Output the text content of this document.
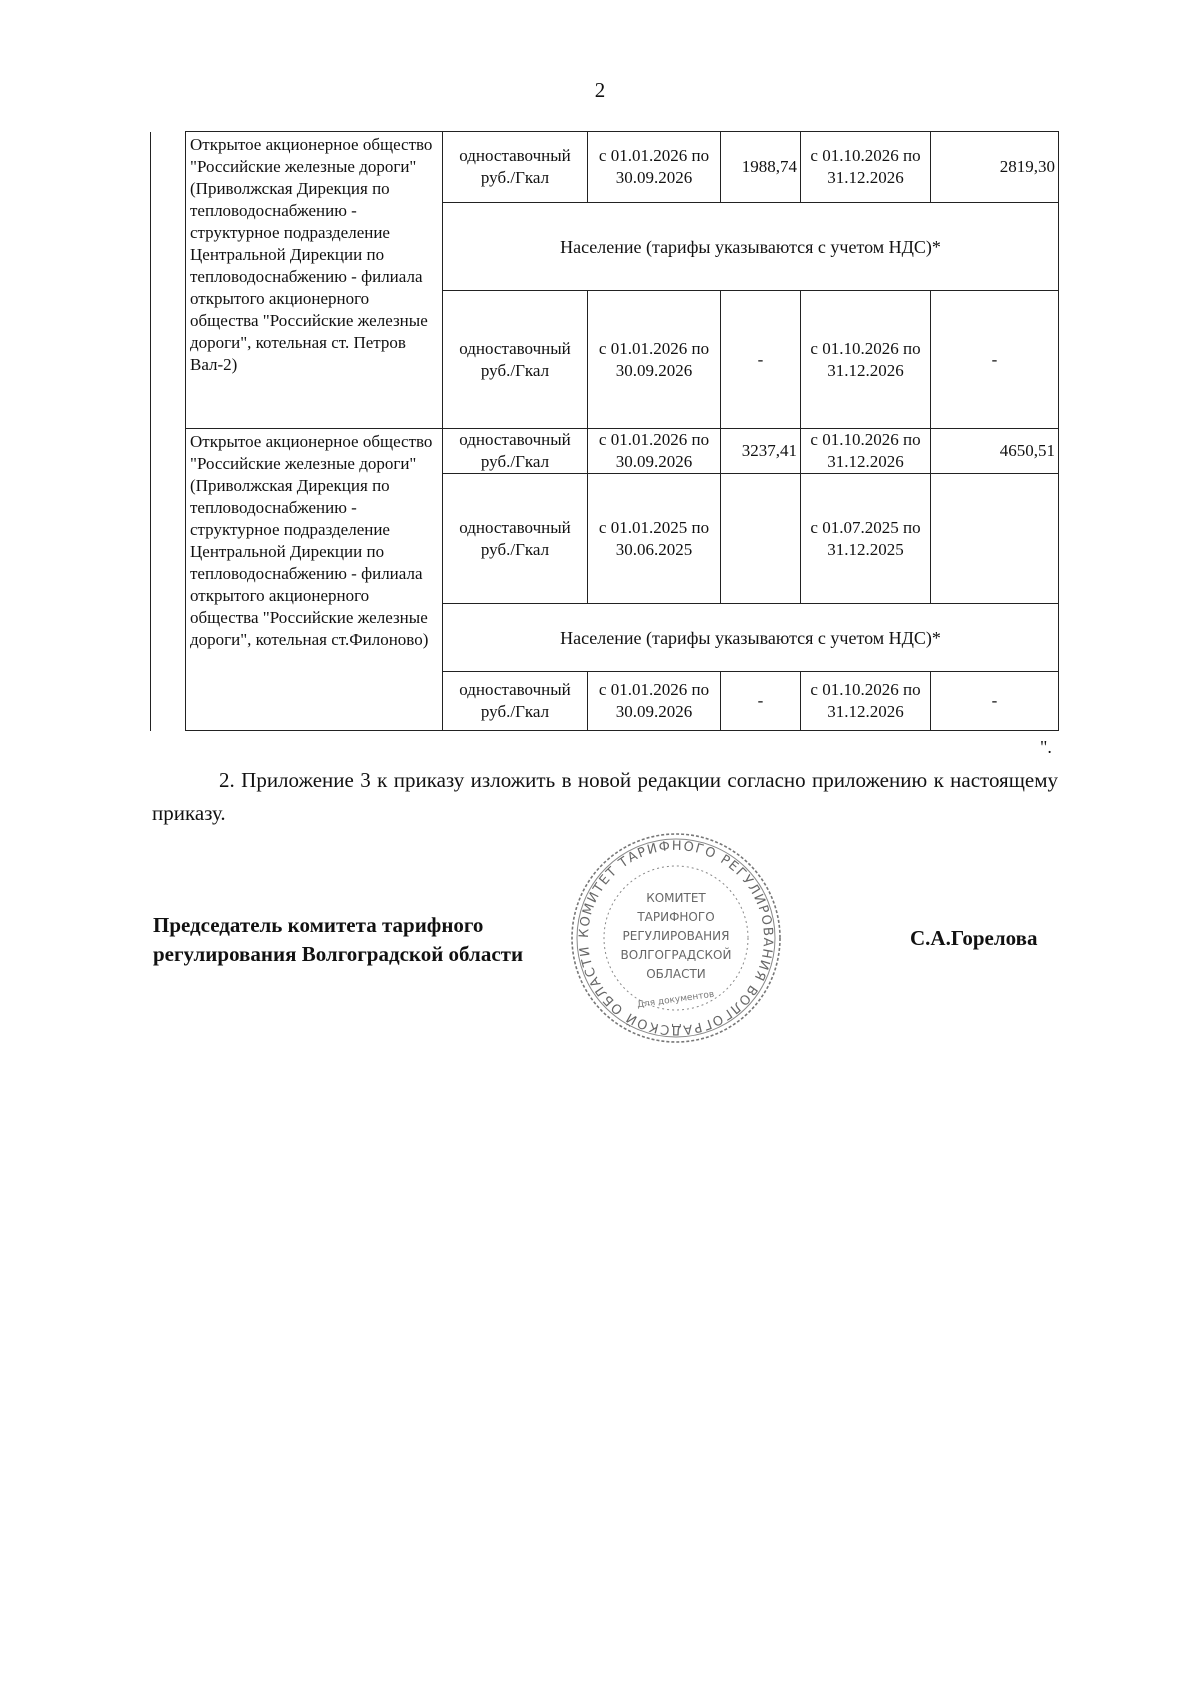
2
	Открытое акционерное общество "Российские железные дороги" (Приволжская Дирекция по тепловодоснабжению - структурное подразделение Центральной Дирекции по тепловодоснабжению - филиала открытого акционерного общества "Российские железные дороги", котельная ст. Петров Вал-2)	одноставочный руб./Гкал	с 01.01.2026 по 30.09.2026	1988,74	с 01.10.2026 по 31.12.2026	2819,30
		Население (тарифы указываются с учетом НДС)*				
		одноставочный руб./Гкал	с 01.01.2026 по 30.09.2026	-	с 01.10.2026 по 31.12.2026	-
	Открытое акционерное общество "Российские железные дороги" (Приволжская Дирекция по тепловодоснабжению - структурное подразделение Центральной Дирекции по тепловодоснабжению - филиала открытого акционерного общества "Российские железные дороги", котельная ст.Филоново)	одноставочный руб./Гкал	с 01.01.2026 по 30.09.2026	3237,41	с 01.10.2026 по 31.12.2026	4650,51
		одноставочный руб./Гкал	с 01.01.2025 по 30.06.2025		с 01.07.2025 по 31.12.2025	
		Население (тарифы указываются с учетом НДС)*				
		одноставочный руб./Гкал	с 01.01.2026 по 30.09.2026	-	с 01.10.2026 по 31.12.2026	-
".
2. Приложение 3 к приказу изложить в новой редакции согласно приложению к настоящему приказу.
Председатель комитета тарифного
регулирования Волгоградской области
С.А.Горелова
КОМИТЕТ ТАРИФНОГО РЕГУЛИРОВАНИЯ ВОЛГОГРАДСКОЙ ОБЛАСТИ
КОМИТЕТ
ТАРИФНОГО
РЕГУЛИРОВАНИЯ
ВОЛГОГРАДСКОЙ
ОБЛАСТИ
Для документов
